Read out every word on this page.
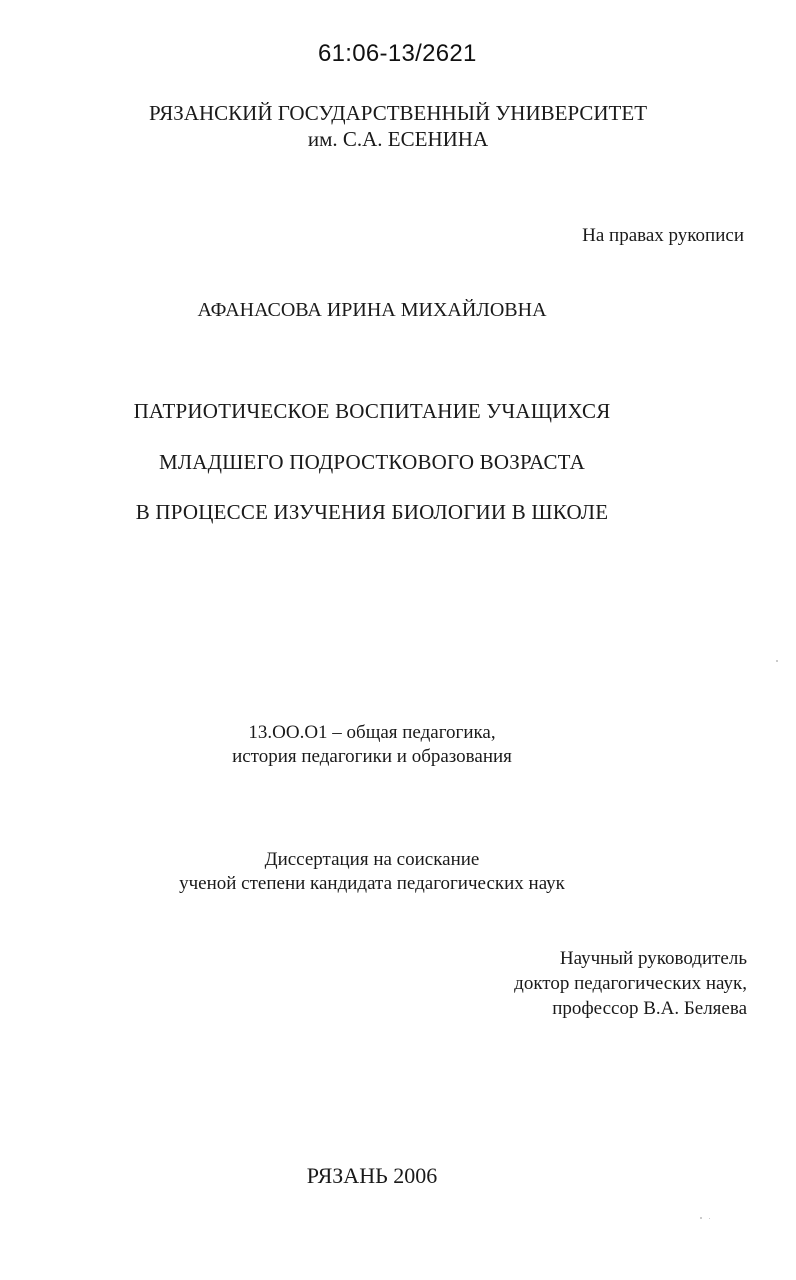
61:06-13/2621
РЯЗАНСКИЙ ГОСУДАРСТВЕННЫЙ УНИВЕРСИТЕТ
им. С.А. ЕСЕНИНА
На правах рукописи
АФАНАСОВА ИРИНА МИХАЙЛОВНА
ПАТРИОТИЧЕСКОЕ ВОСПИТАНИЕ УЧАЩИХСЯ
МЛАДШЕГО ПОДРОСТКОВОГО ВОЗРАСТА
В ПРОЦЕССЕ ИЗУЧЕНИЯ БИОЛОГИИ В ШКОЛЕ
13.ОО.О1 – общая педагогика,
история педагогики и образования
Диссертация на соискание
ученой степени кандидата педагогических наук
Научный руководитель
доктор педагогических наук,
профессор В.А. Беляева
РЯЗАНЬ 2006
